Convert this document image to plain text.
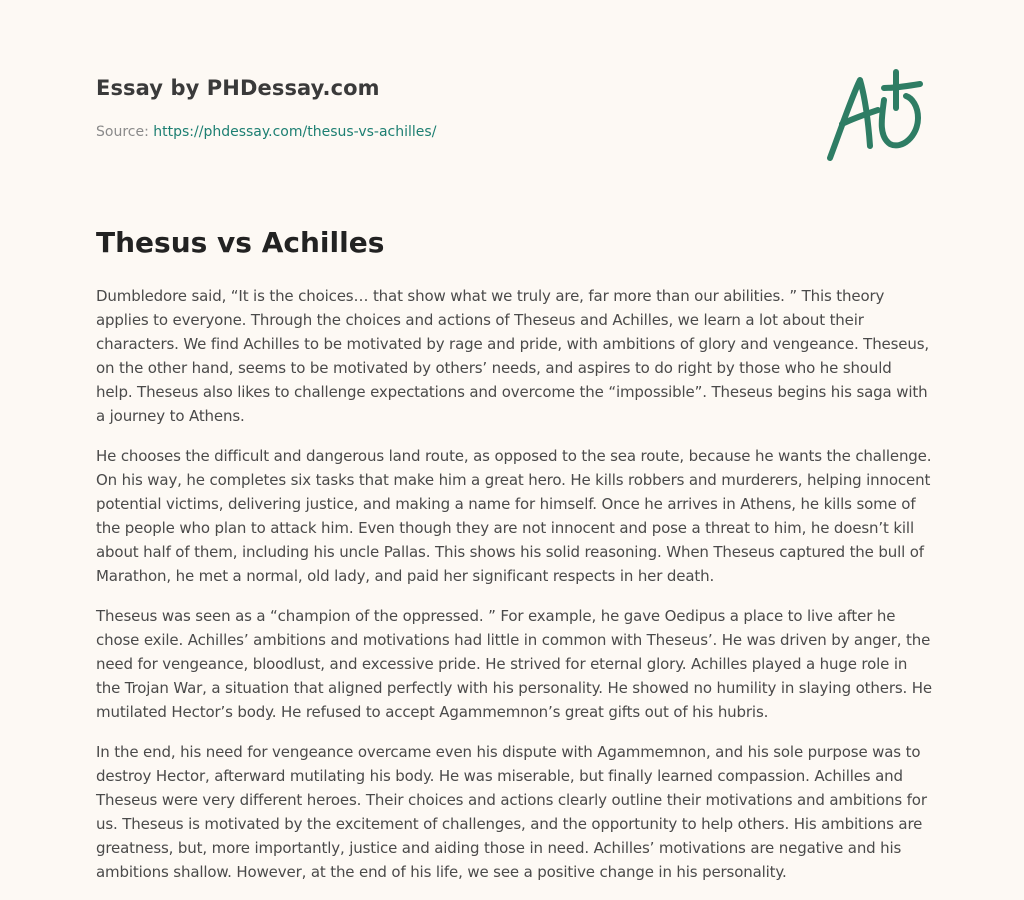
Essay by PHDessay.com

Source: https://phdessay.com/thesus-vs-achilles/

Thesus vs Achilles

Dumbledore said, “It is the choices… that show what we truly are, far more than our abilities. ” This theory applies to everyone. Through the choices and actions of Theseus and Achilles, we learn a lot about their characters. We find Achilles to be motivated by rage and pride, with ambitions of glory and vengeance. Theseus, on the other hand, seems to be motivated by others’ needs, and aspires to do right by those who he should help. Theseus also likes to challenge expectations and overcome the “impossible”. Theseus begins his saga with a journey to Athens.

He chooses the difficult and dangerous land route, as opposed to the sea route, because he wants the challenge. On his way, he completes six tasks that make him a great hero. He kills robbers and murderers, helping innocent potential victims, delivering justice, and making a name for himself. Once he arrives in Athens, he kills some of the people who plan to attack him. Even though they are not innocent and pose a threat to him, he doesn’t kill about half of them, including his uncle Pallas. This shows his solid reasoning. When Theseus captured the bull of Marathon, he met a normal, old lady, and paid her significant respects in her death.

Theseus was seen as a “champion of the oppressed. ” For example, he gave Oedipus a place to live after he chose exile. Achilles’ ambitions and motivations had little in common with Theseus’. He was driven by anger, the need for vengeance, bloodlust, and excessive pride. He strived for eternal glory. Achilles played a huge role in the Trojan War, a situation that aligned perfectly with his personality. He showed no humility in slaying others. He mutilated Hector’s body. He refused to accept Agammemnon’s great gifts out of his hubris.

In the end, his need for vengeance overcame even his dispute with Agammemnon, and his sole purpose was to destroy Hector, afterward mutilating his body. He was miserable, but finally learned compassion. Achilles and Theseus were very different heroes. Their choices and actions clearly outline their motivations and ambitions for us. Theseus is motivated by the excitement of challenges, and the opportunity to help others. His ambitions are greatness, but, more importantly, justice and aiding those in need. Achilles’ motivations are negative and his ambitions shallow. However, at the end of his life, we see a positive change in his personality.
